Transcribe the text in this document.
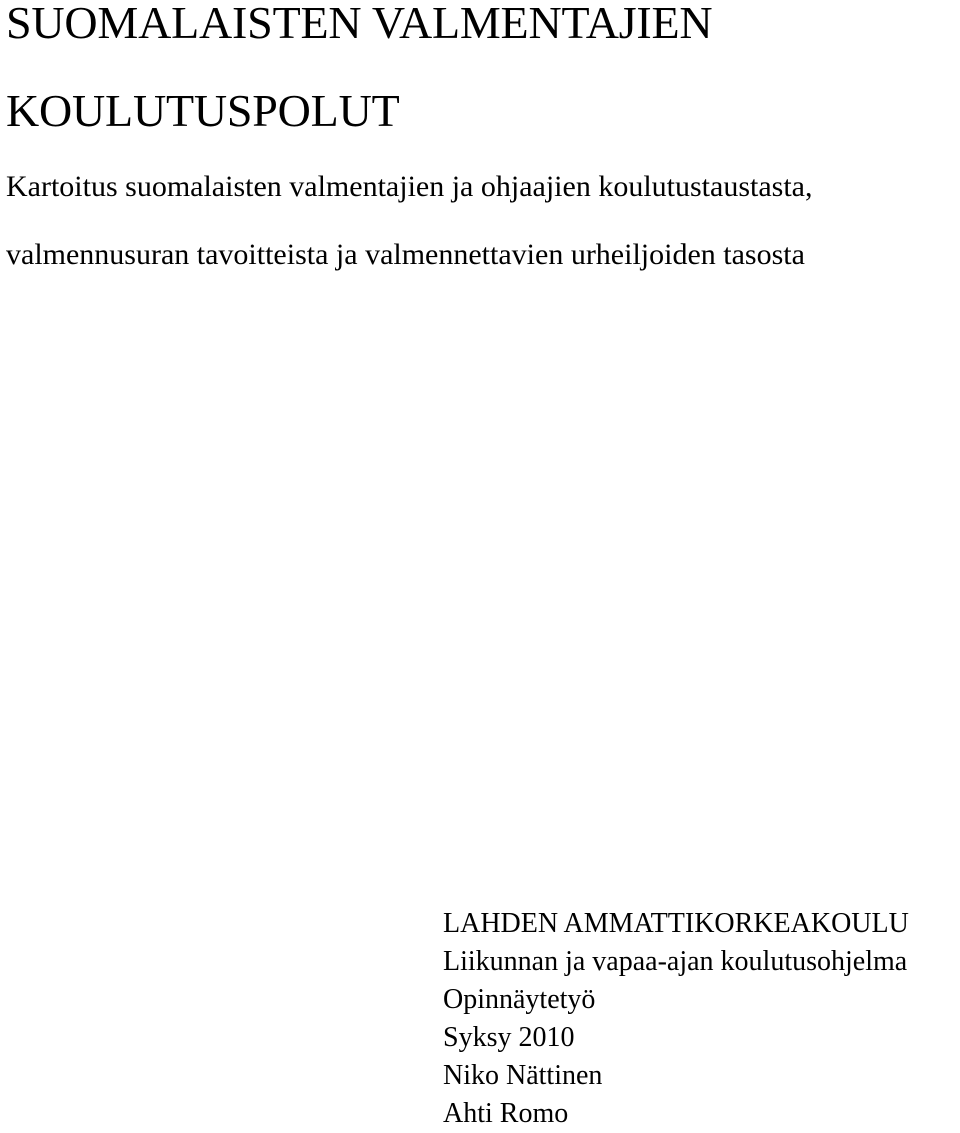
SUOMALAISTEN VALMENTAJIEN
KOULUTUSPOLUT

Kartoitus suomalaisten valmentajien ja ohjaajien koulutustaustasta,

valmennusuran tavoitteista ja valmennettavien urheiljoiden tasosta

LAHDEN AMMATTIKORKEAKOULU
Liikunnan ja vapaa-ajan koulutusohjelma
Opinnäytetyö
Syksy 2010
Niko Nättinen
Ahti Romo
